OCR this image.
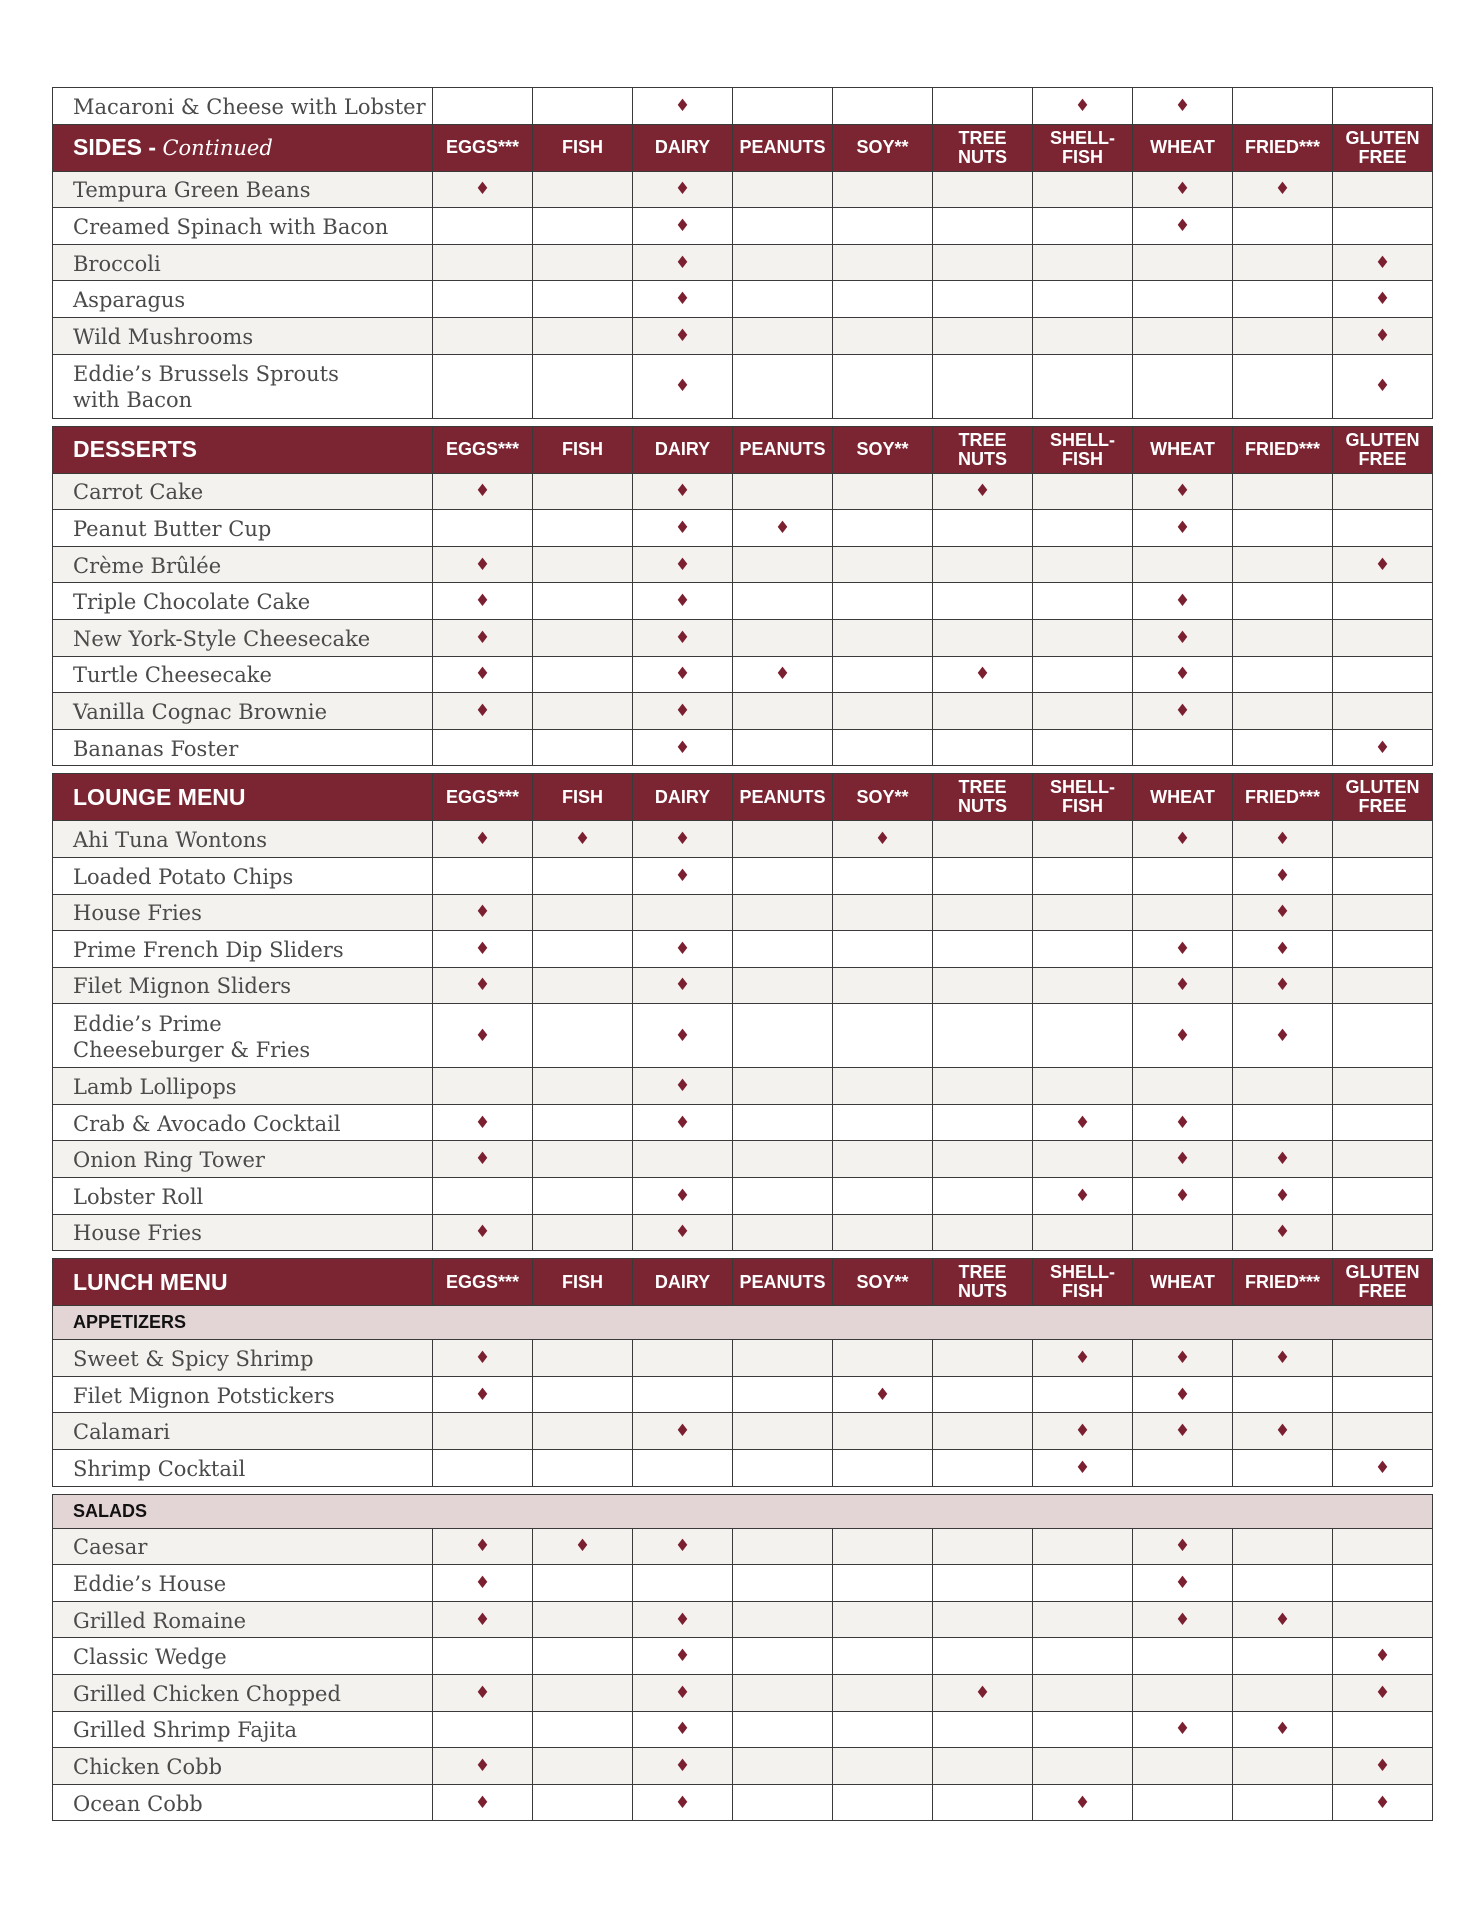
Macaroni & Cheese with Lobster			♦				♦	♦		
SIDES - Continued	EGGS***	FISH	DAIRY	PEANUTS	SOY**	TREE
NUTS	SHELL-
FISH	WHEAT	FRIED***	GLUTEN
FREE
Tempura Green Beans	♦		♦					♦	♦	
Creamed Spinach with Bacon			♦					♦		
Broccoli			♦							♦
Asparagus			♦							♦
Wild Mushrooms			♦							♦
Eddie’s Brussels Sprouts
with Bacon			♦							♦

DESSERTS	EGGS***	FISH	DAIRY	PEANUTS	SOY**	TREE
NUTS	SHELL-
FISH	WHEAT	FRIED***	GLUTEN
FREE
Carrot Cake	♦		♦			♦		♦		
Peanut Butter Cup			♦	♦				♦		
Crème Brûlée	♦		♦							♦
Triple Chocolate Cake	♦		♦					♦		
New York-Style Cheesecake	♦		♦					♦		
Turtle Cheesecake	♦		♦	♦		♦		♦		
Vanilla Cognac Brownie	♦		♦					♦		
Bananas Foster			♦							♦

LOUNGE MENU	EGGS***	FISH	DAIRY	PEANUTS	SOY**	TREE
NUTS	SHELL-
FISH	WHEAT	FRIED***	GLUTEN
FREE
Ahi Tuna Wontons	♦	♦	♦		♦			♦	♦	
Loaded Potato Chips			♦						♦	
House Fries	♦								♦	
Prime French Dip Sliders	♦		♦					♦	♦	
Filet Mignon Sliders	♦		♦					♦	♦	
Eddie’s Prime
Cheeseburger & Fries	♦		♦					♦	♦	
Lamb Lollipops			♦							
Crab & Avocado Cocktail	♦		♦				♦	♦		
Onion Ring Tower	♦							♦	♦	
Lobster Roll			♦				♦	♦	♦	
House Fries	♦		♦						♦	

LUNCH MENU	EGGS***	FISH	DAIRY	PEANUTS	SOY**	TREE
NUTS	SHELL-
FISH	WHEAT	FRIED***	GLUTEN
FREE
APPETIZERS										
Sweet & Spicy Shrimp	♦						♦	♦	♦	
Filet Mignon Potstickers	♦				♦			♦		
Calamari			♦				♦	♦	♦	
Shrimp Cocktail							♦			♦

SALADS										
Caesar	♦	♦	♦					♦		
Eddie’s House	♦							♦		
Grilled Romaine	♦		♦					♦	♦	
Classic Wedge			♦							♦
Grilled Chicken Chopped	♦		♦			♦				♦
Grilled Shrimp Fajita			♦					♦	♦	
Chicken Cobb	♦		♦							♦
Ocean Cobb	♦		♦				♦			♦
